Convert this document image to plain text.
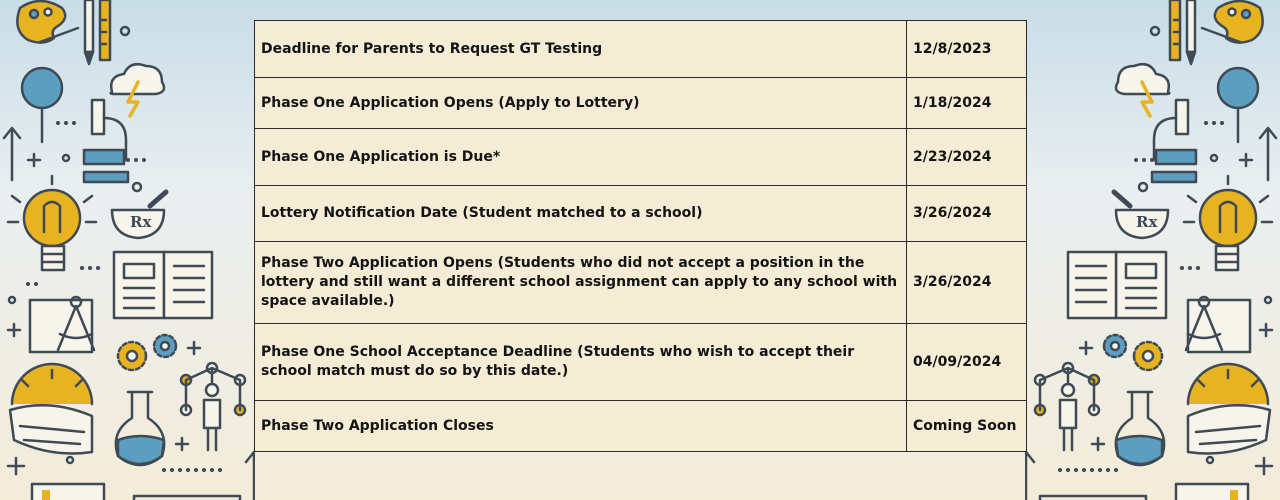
Rx	Rx
Deadline for Parents to Request GT Testing	12/8/2023
Phase One Application Opens (Apply to Lottery)	1/18/2024
Phase One Application is Due*	2/23/2024
Lottery Notification Date (Student matched to a school)	3/26/2024
Phase Two Application Opens (Students who did not accept a position in the lottery and still want a different school assignment can apply to any school with space available.)	3/26/2024
Phase One School Acceptance Deadline (Students who wish to accept their school match must do so by this date.)	04/09/2024
Phase Two Application Closes	Coming Soon
